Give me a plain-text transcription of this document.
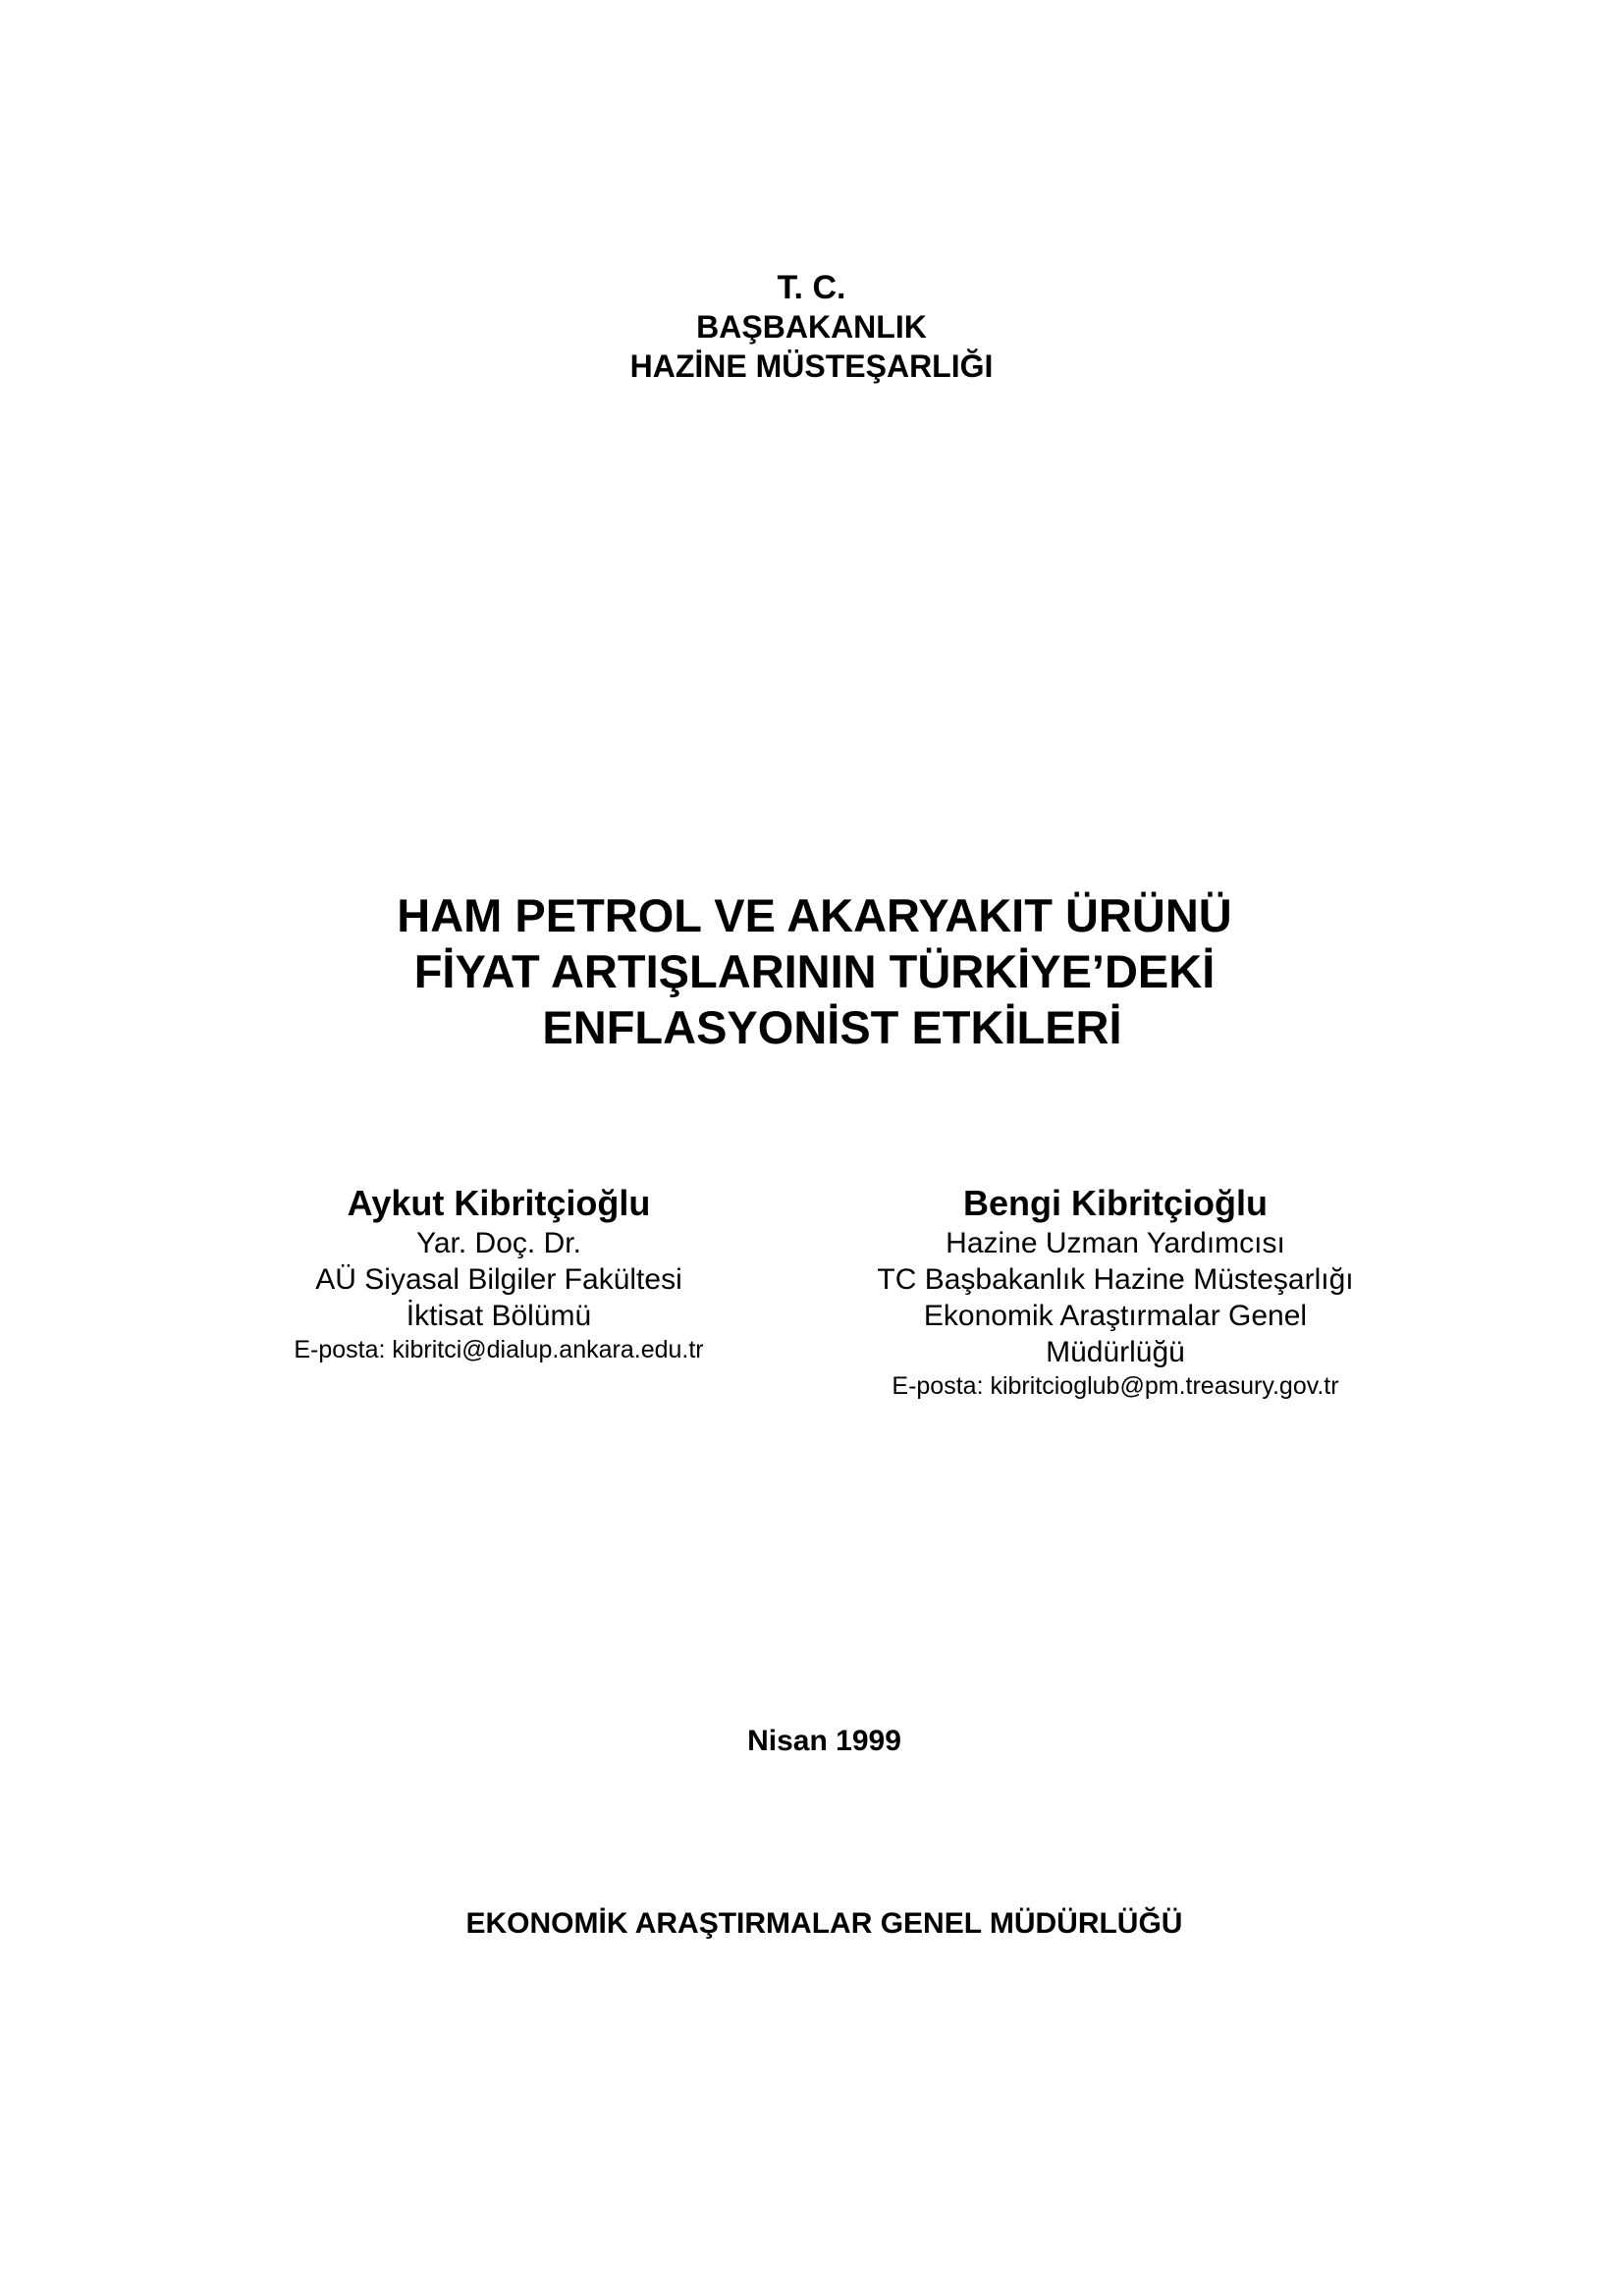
T. C.
BAŞBAKANLIK
HAZİNE MÜSTEŞARLIĞI
HAM PETROL VE AKARYAKIT ÜRÜNÜ
FİYAT ARTIŞLARININ TÜRKİYE’DEKİ
ENFLASYONİST ETKİLERİ
Aykut Kibritçioğlu
Yar. Doç. Dr.
AÜ Siyasal Bilgiler Fakültesi
İktisat Bölümü
E-posta: kibritci@dialup.ankara.edu.tr
Bengi Kibritçioğlu
Hazine Uzman Yardımcısı
TC Başbakanlık Hazine Müsteşarlığı
Ekonomik Araştırmalar Genel Müdürlüğü
E-posta: kibritcioglub@pm.treasury.gov.tr
Nisan 1999
EKONOMİK ARAŞTIRMALAR GENEL MÜDÜRLÜĞÜ
